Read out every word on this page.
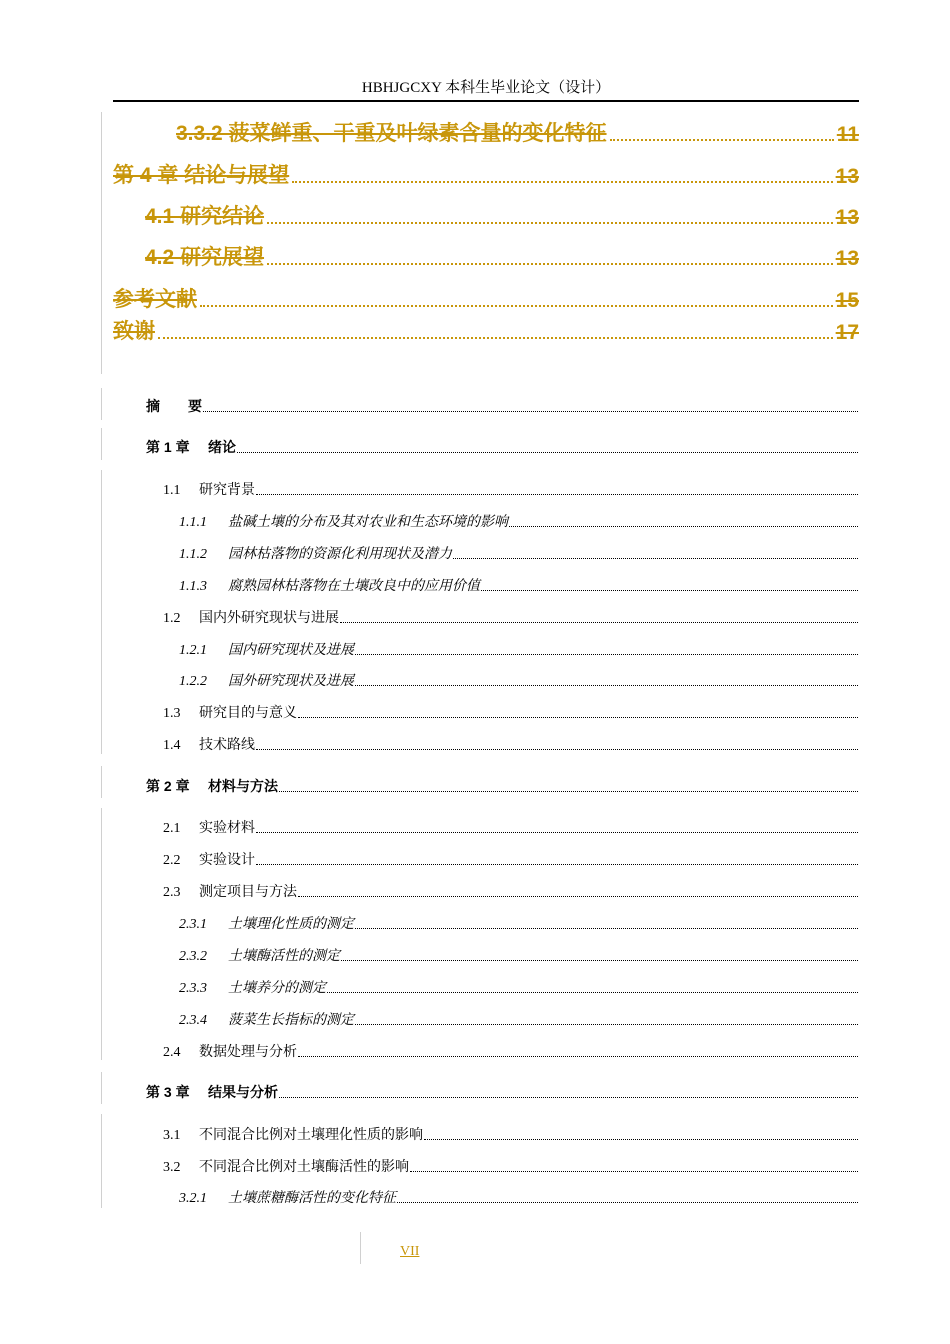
HBHJGCXY 本科生毕业论文（设计）
3.3.2 菠菜鲜重、干重及叶绿素含量的变化特征	11
第 4 章 结论与展望	13
4.1 研究结论	13
4.2 研究展望	13
参考文献	15
致谢	17
摘　　要
第 1 章	绪论
1.1	研究背景
1.1.1	盐碱土壤的分布及其对农业和生态环境的影响
1.1.2	园林枯落物的资源化利用现状及潜力
1.1.3	腐熟园林枯落物在土壤改良中的应用价值
1.2	国内外研究现状与进展
1.2.1	国内研究现状及进展
1.2.2	国外研究现状及进展
1.3	研究目的与意义
1.4	技术路线
第 2 章	材料与方法
2.1	实验材料
2.2	实验设计
2.3	测定项目与方法
2.3.1	土壤理化性质的测定
2.3.2	土壤酶活性的测定
2.3.3	土壤养分的测定
2.3.4	菠菜生长指标的测定
2.4	数据处理与分析
第 3 章	结果与分析
3.1	不同混合比例对土壤理化性质的影响
3.2	不同混合比例对土壤酶活性的影响
3.2.1	土壤蔗糖酶活性的变化特征
VII
